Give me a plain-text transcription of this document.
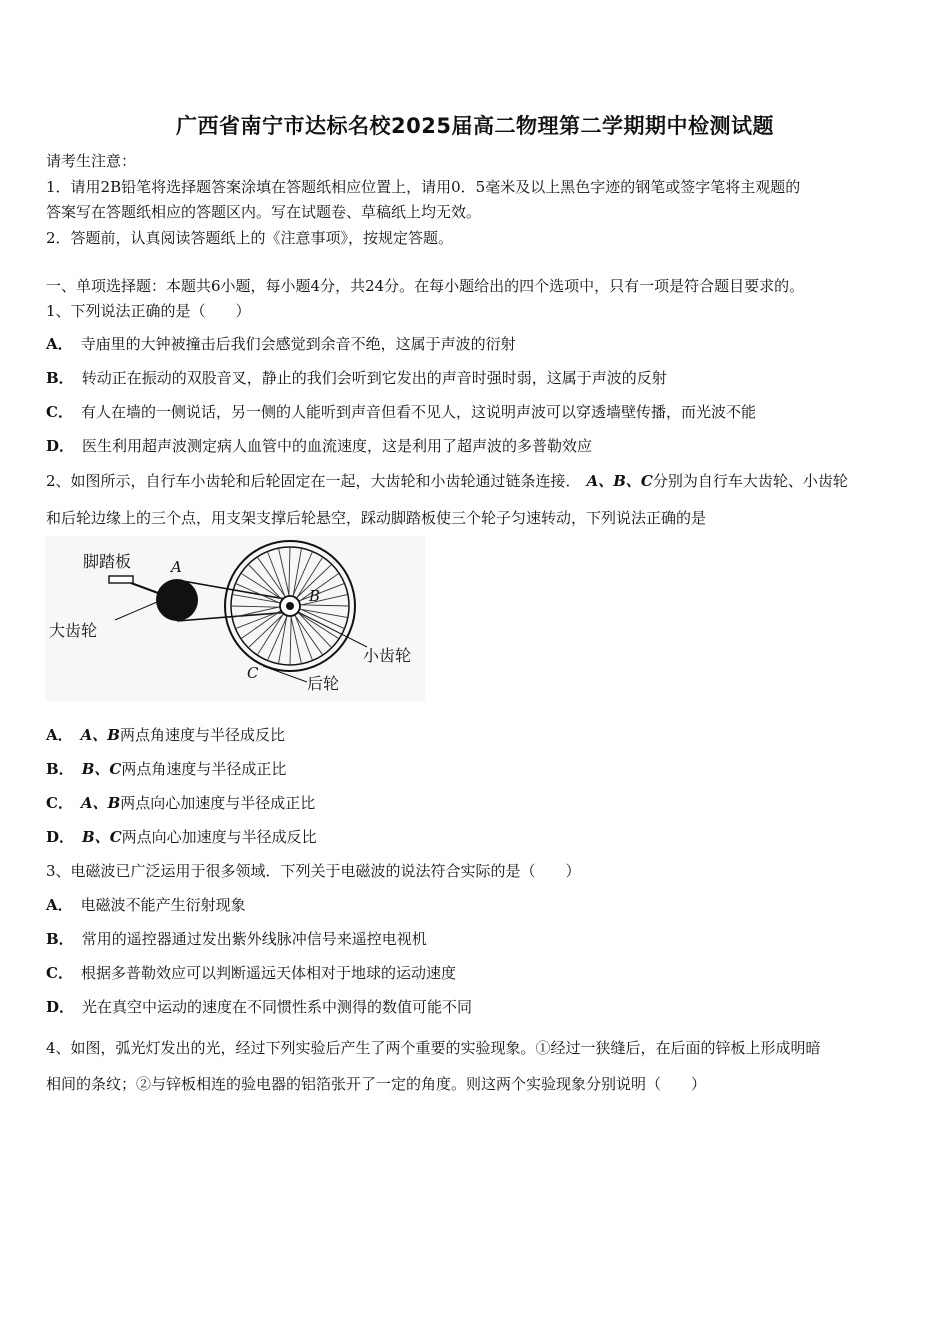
广西省南宁市达标名校2025届高二物理第二学期期中检测试题
请考生注意：
1．请用2B铅笔将选择题答案涂填在答题纸相应位置上，请用0．5毫米及以上黑色字迹的钢笔或签字笔将主观题的
答案写在答题纸相应的答题区内。写在试题卷、草稿纸上均无效。
2．答题前，认真阅读答题纸上的《注意事项》，按规定答题。
一、单项选择题：本题共6小题，每小题4分，共24分。在每小题给出的四个选项中，只有一项是符合题目要求的。
1、下列说法正确的是（　　）
A． 寺庙里的大钟被撞击后我们会感觉到余音不绝，这属于声波的衍射
B． 转动正在振动的双股音叉，静止的我们会听到它发出的声音时强时弱，这属于声波的反射
C． 有人在墙的一侧说话，另一侧的人能听到声音但看不见人，这说明声波可以穿透墙壁传播，而光波不能
D． 医生利用超声波测定病人血管中的血流速度，这是利用了超声波的多普勒效应
2、如图所示，自行车小齿轮和后轮固定在一起，大齿轮和小齿轮通过链条连接． A、B、C分别为自行车大齿轮、小齿轮
和后轮边缘上的三个点，用支架支撑后轮悬空，踩动脚踏板使三个轮子匀速转动，下列说法正确的是
脚踏板
大齿轮
小齿轮
后轮
A
B
C
A． A、B两点角速度与半径成反比
B． B、C两点角速度与半径成正比
C． A、B两点向心加速度与半径成正比
D． B、C两点向心加速度与半径成反比
3、电磁波已广泛运用于很多领域．下列关于电磁波的说法符合实际的是（　　）
A． 电磁波不能产生衍射现象
B． 常用的遥控器通过发出紫外线脉冲信号来遥控电视机
C． 根据多普勒效应可以判断遥远天体相对于地球的运动速度
D． 光在真空中运动的速度在不同惯性系中测得的数值可能不同
4、如图，弧光灯发出的光，经过下列实验后产生了两个重要的实验现象。①经过一狭缝后，在后面的锌板上形成明暗
相间的条纹；②与锌板相连的验电器的铝箔张开了一定的角度。则这两个实验现象分别说明（　　）
